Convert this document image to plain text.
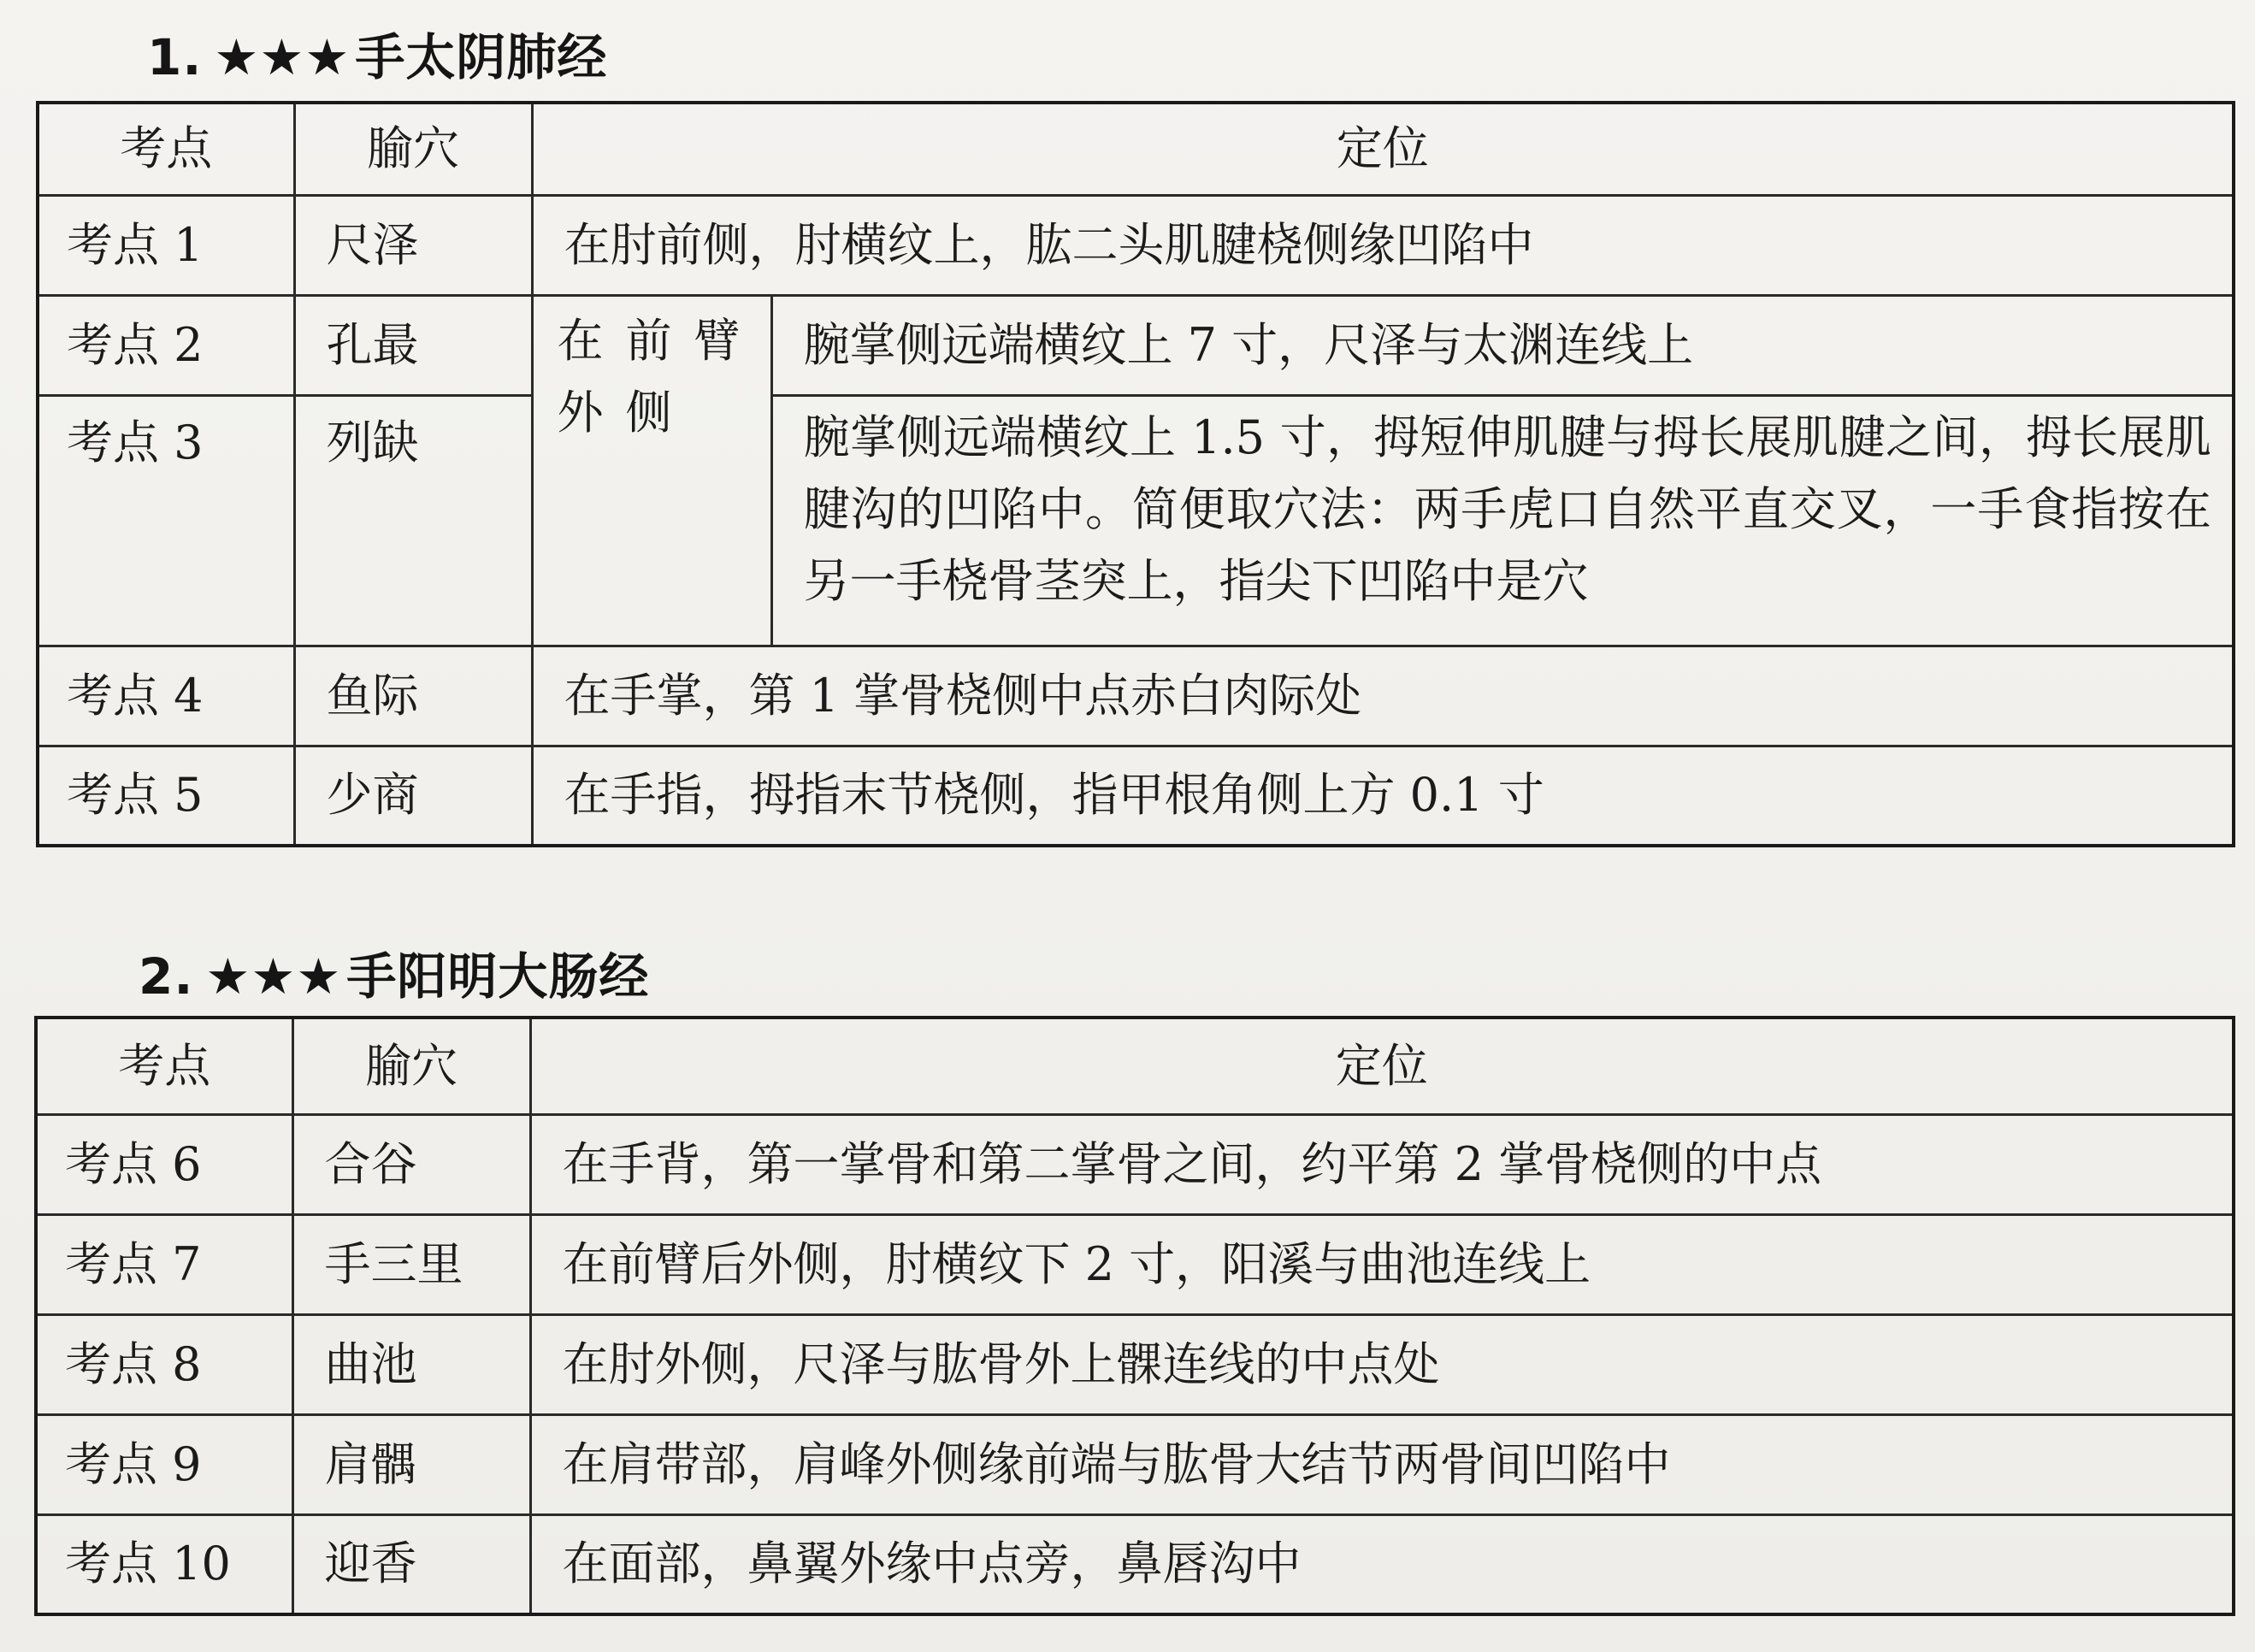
1. ★★★ 手太阴肺经
考点	腧穴	定位	
考点 1	尺泽	在肘前侧，肘横纹上，肱二头肌腱桡侧缘凹陷中	
考点 2	孔最	在前臂外侧	腕掌侧远端横纹上 7 寸，尺泽与太渊连线上
考点 3	列缺		腕掌侧远端横纹上 1.5 寸，拇短伸肌腱与拇长展肌腱之间，拇长展肌腱沟的凹陷中。简便取穴法：两手虎口自然平直交叉，一手食指按在另一手桡骨茎突上，指尖下凹陷中是穴
考点 4	鱼际	在手掌，第 1 掌骨桡侧中点赤白肉际处	
考点 5	少商	在手指，拇指末节桡侧，指甲根角侧上方 0.1 寸	
2. ★★★ 手阳明大肠经
考点	腧穴	定位
考点 6	合谷	在手背，第一掌骨和第二掌骨之间，约平第 2 掌骨桡侧的中点
考点 7	手三里	在前臂后外侧，肘横纹下 2 寸，阳溪与曲池连线上
考点 8	曲池	在肘外侧，尺泽与肱骨外上髁连线的中点处
考点 9	肩髃	在肩带部，肩峰外侧缘前端与肱骨大结节两骨间凹陷中
考点 10	迎香	在面部，鼻翼外缘中点旁，鼻唇沟中
